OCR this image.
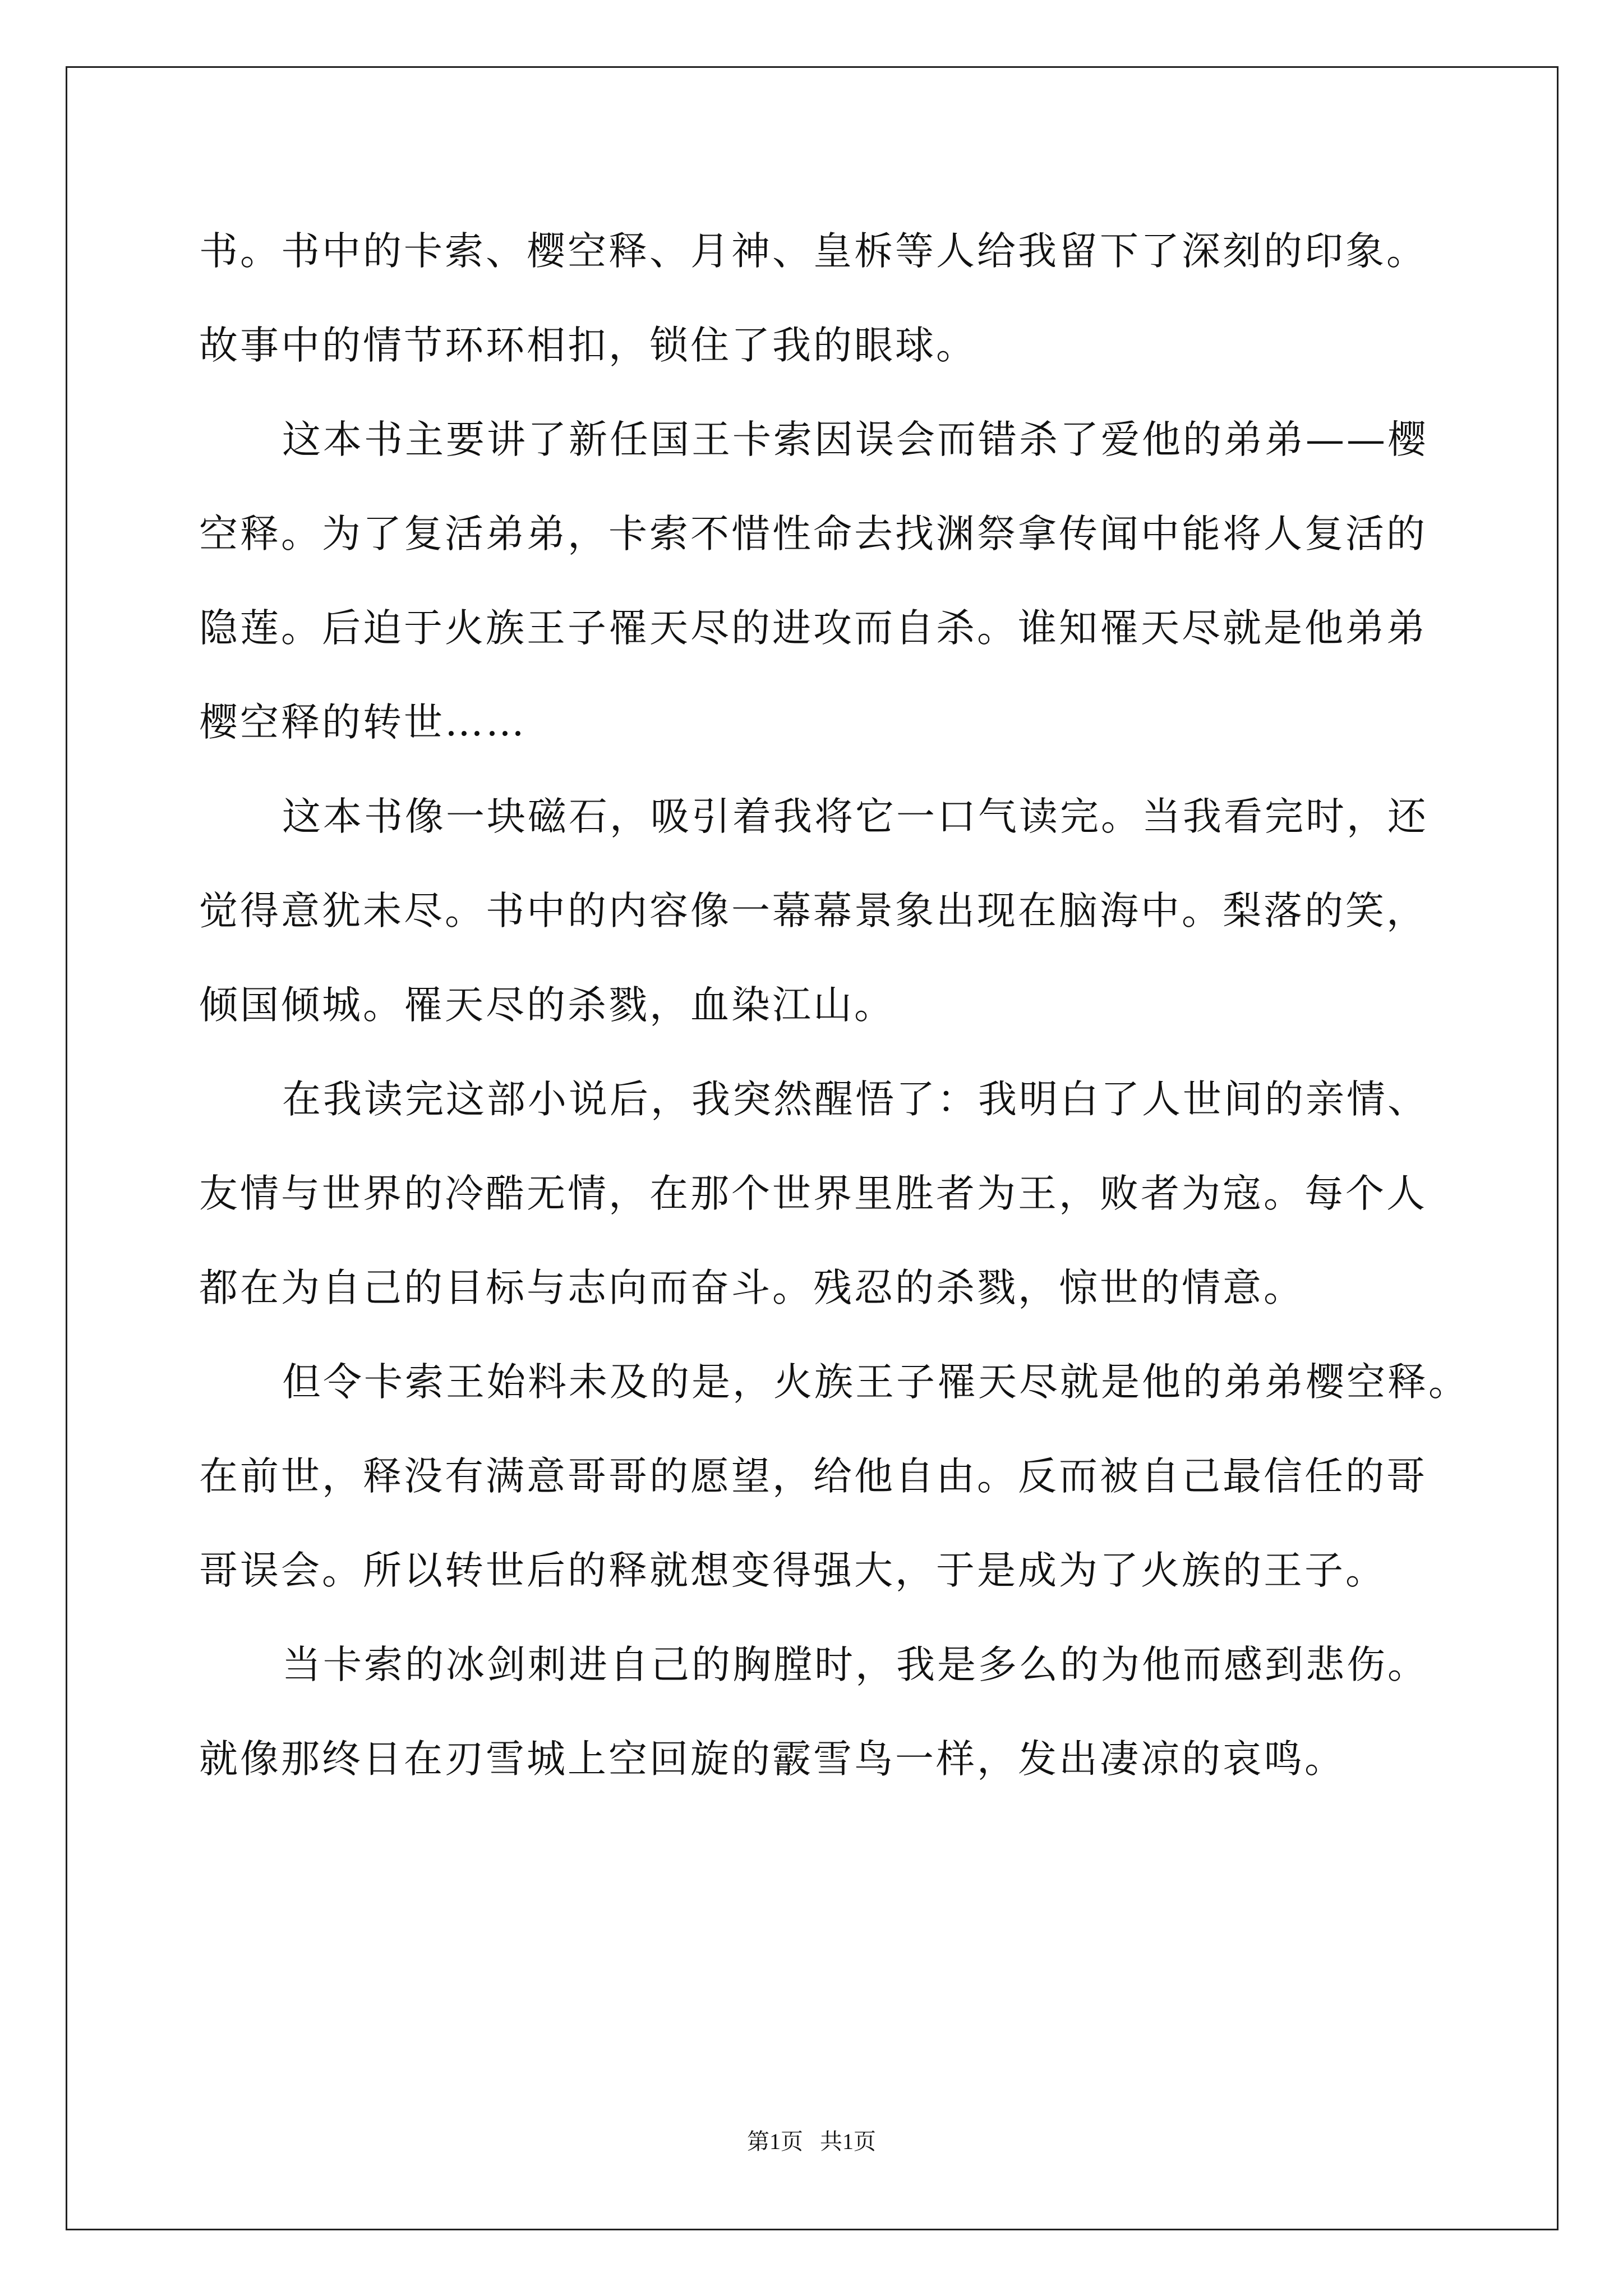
书。书中的卡索、樱空释、月神、皇柝等人给我留下了深刻的印象。

故事中的情节环环相扣，锁住了我的眼球。

这本书主要讲了新任国王卡索因误会而错杀了爱他的弟弟——樱

空释。为了复活弟弟，卡索不惜性命去找渊祭拿传闻中能将人复活的

隐莲。后迫于火族王子罹天尽的进攻而自杀。谁知罹天尽就是他弟弟

樱空释的转世……

这本书像一块磁石，吸引着我将它一口气读完。当我看完时，还

觉得意犹未尽。书中的内容像一幕幕景象出现在脑海中。梨落的笑，

倾国倾城。罹天尽的杀戮，血染江山。

在我读完这部小说后，我突然醒悟了：我明白了人世间的亲情、

友情与世界的冷酷无情，在那个世界里胜者为王，败者为寇。每个人

都在为自己的目标与志向而奋斗。残忍的杀戮，惊世的情意。

但令卡索王始料未及的是，火族王子罹天尽就是他的弟弟樱空释。

在前世，释没有满意哥哥的愿望，给他自由。反而被自己最信任的哥

哥误会。所以转世后的释就想变得强大，于是成为了火族的王子。

当卡索的冰剑刺进自己的胸膛时，我是多么的为他而感到悲伤。

就像那终日在刃雪城上空回旋的霰雪鸟一样，发出凄凉的哀鸣。

第1页   共1页
